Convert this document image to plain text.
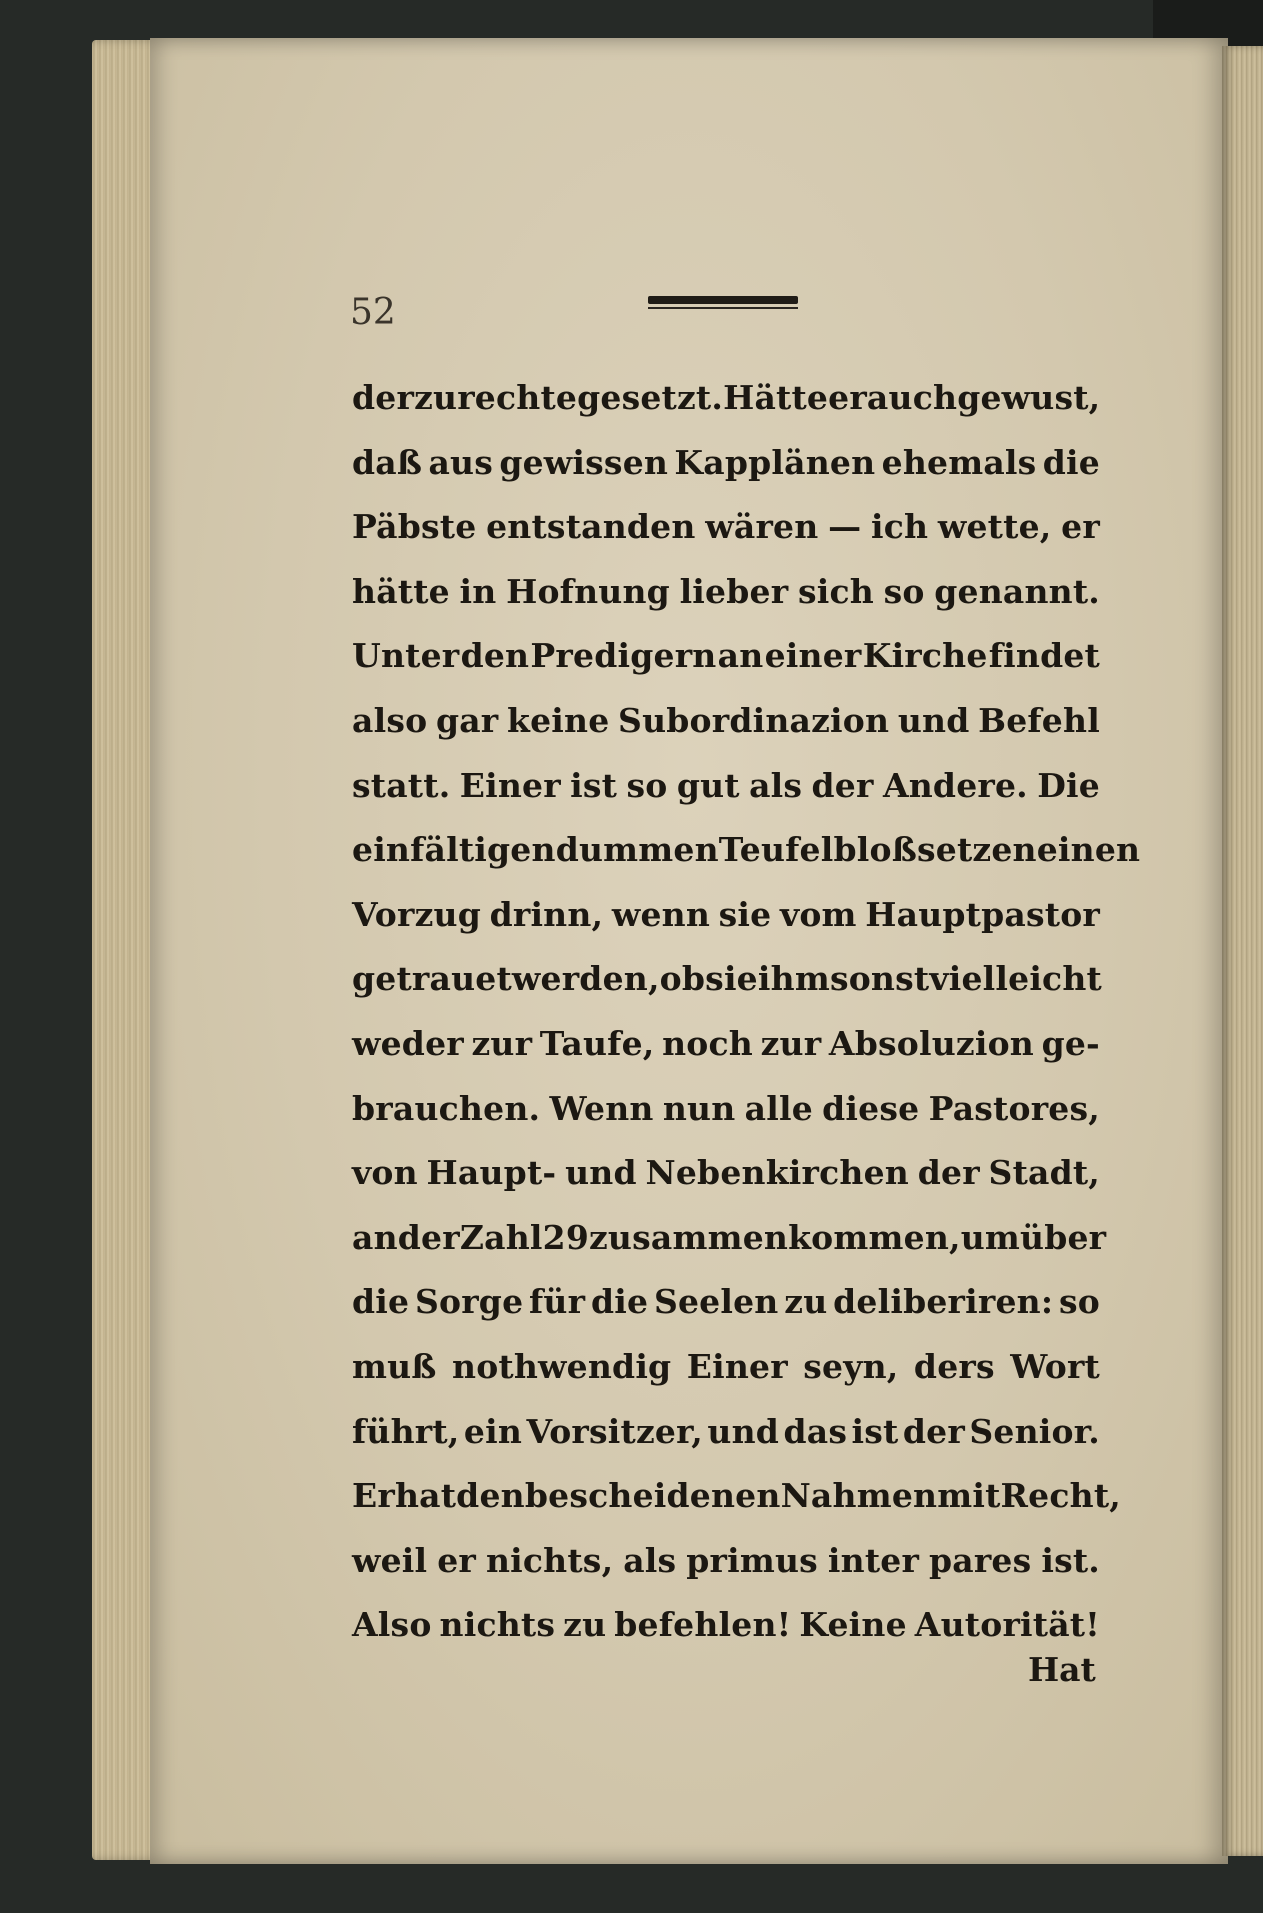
52
der zurechte gesetzt. Hätte er auch gewust,
daß aus gewissen Kapplänen ehemals die
Päbste entstanden wären — ich wette, er
hätte in Hofnung lieber sich so genannt.
Unter den Predigern an einer Kirche findet
also gar keine Subordinazion und Befehl
statt. Einer ist so gut als der Andere. Die
einfältigen dummen Teufel bloß setzen einen
Vorzug drinn, wenn sie vom Hauptpastor
getrauet werden, ob sie ihm sonst vielleicht
weder zur Taufe, noch zur Absoluzion ge-
brauchen. Wenn nun alle diese Pastores,
von Haupt- und Nebenkirchen der Stadt,
an der Zahl 29 zusammen kommen, um über
die Sorge für die Seelen zu deliberiren: so
muß nothwendig Einer seyn, ders Wort
führt, ein Vorsitzer, und das ist der Senior.
Er hat den bescheidenen Nahmen mit Recht,
weil er nichts, als primus inter pares ist.
Also nichts zu befehlen! Keine Autorität!
Hat
